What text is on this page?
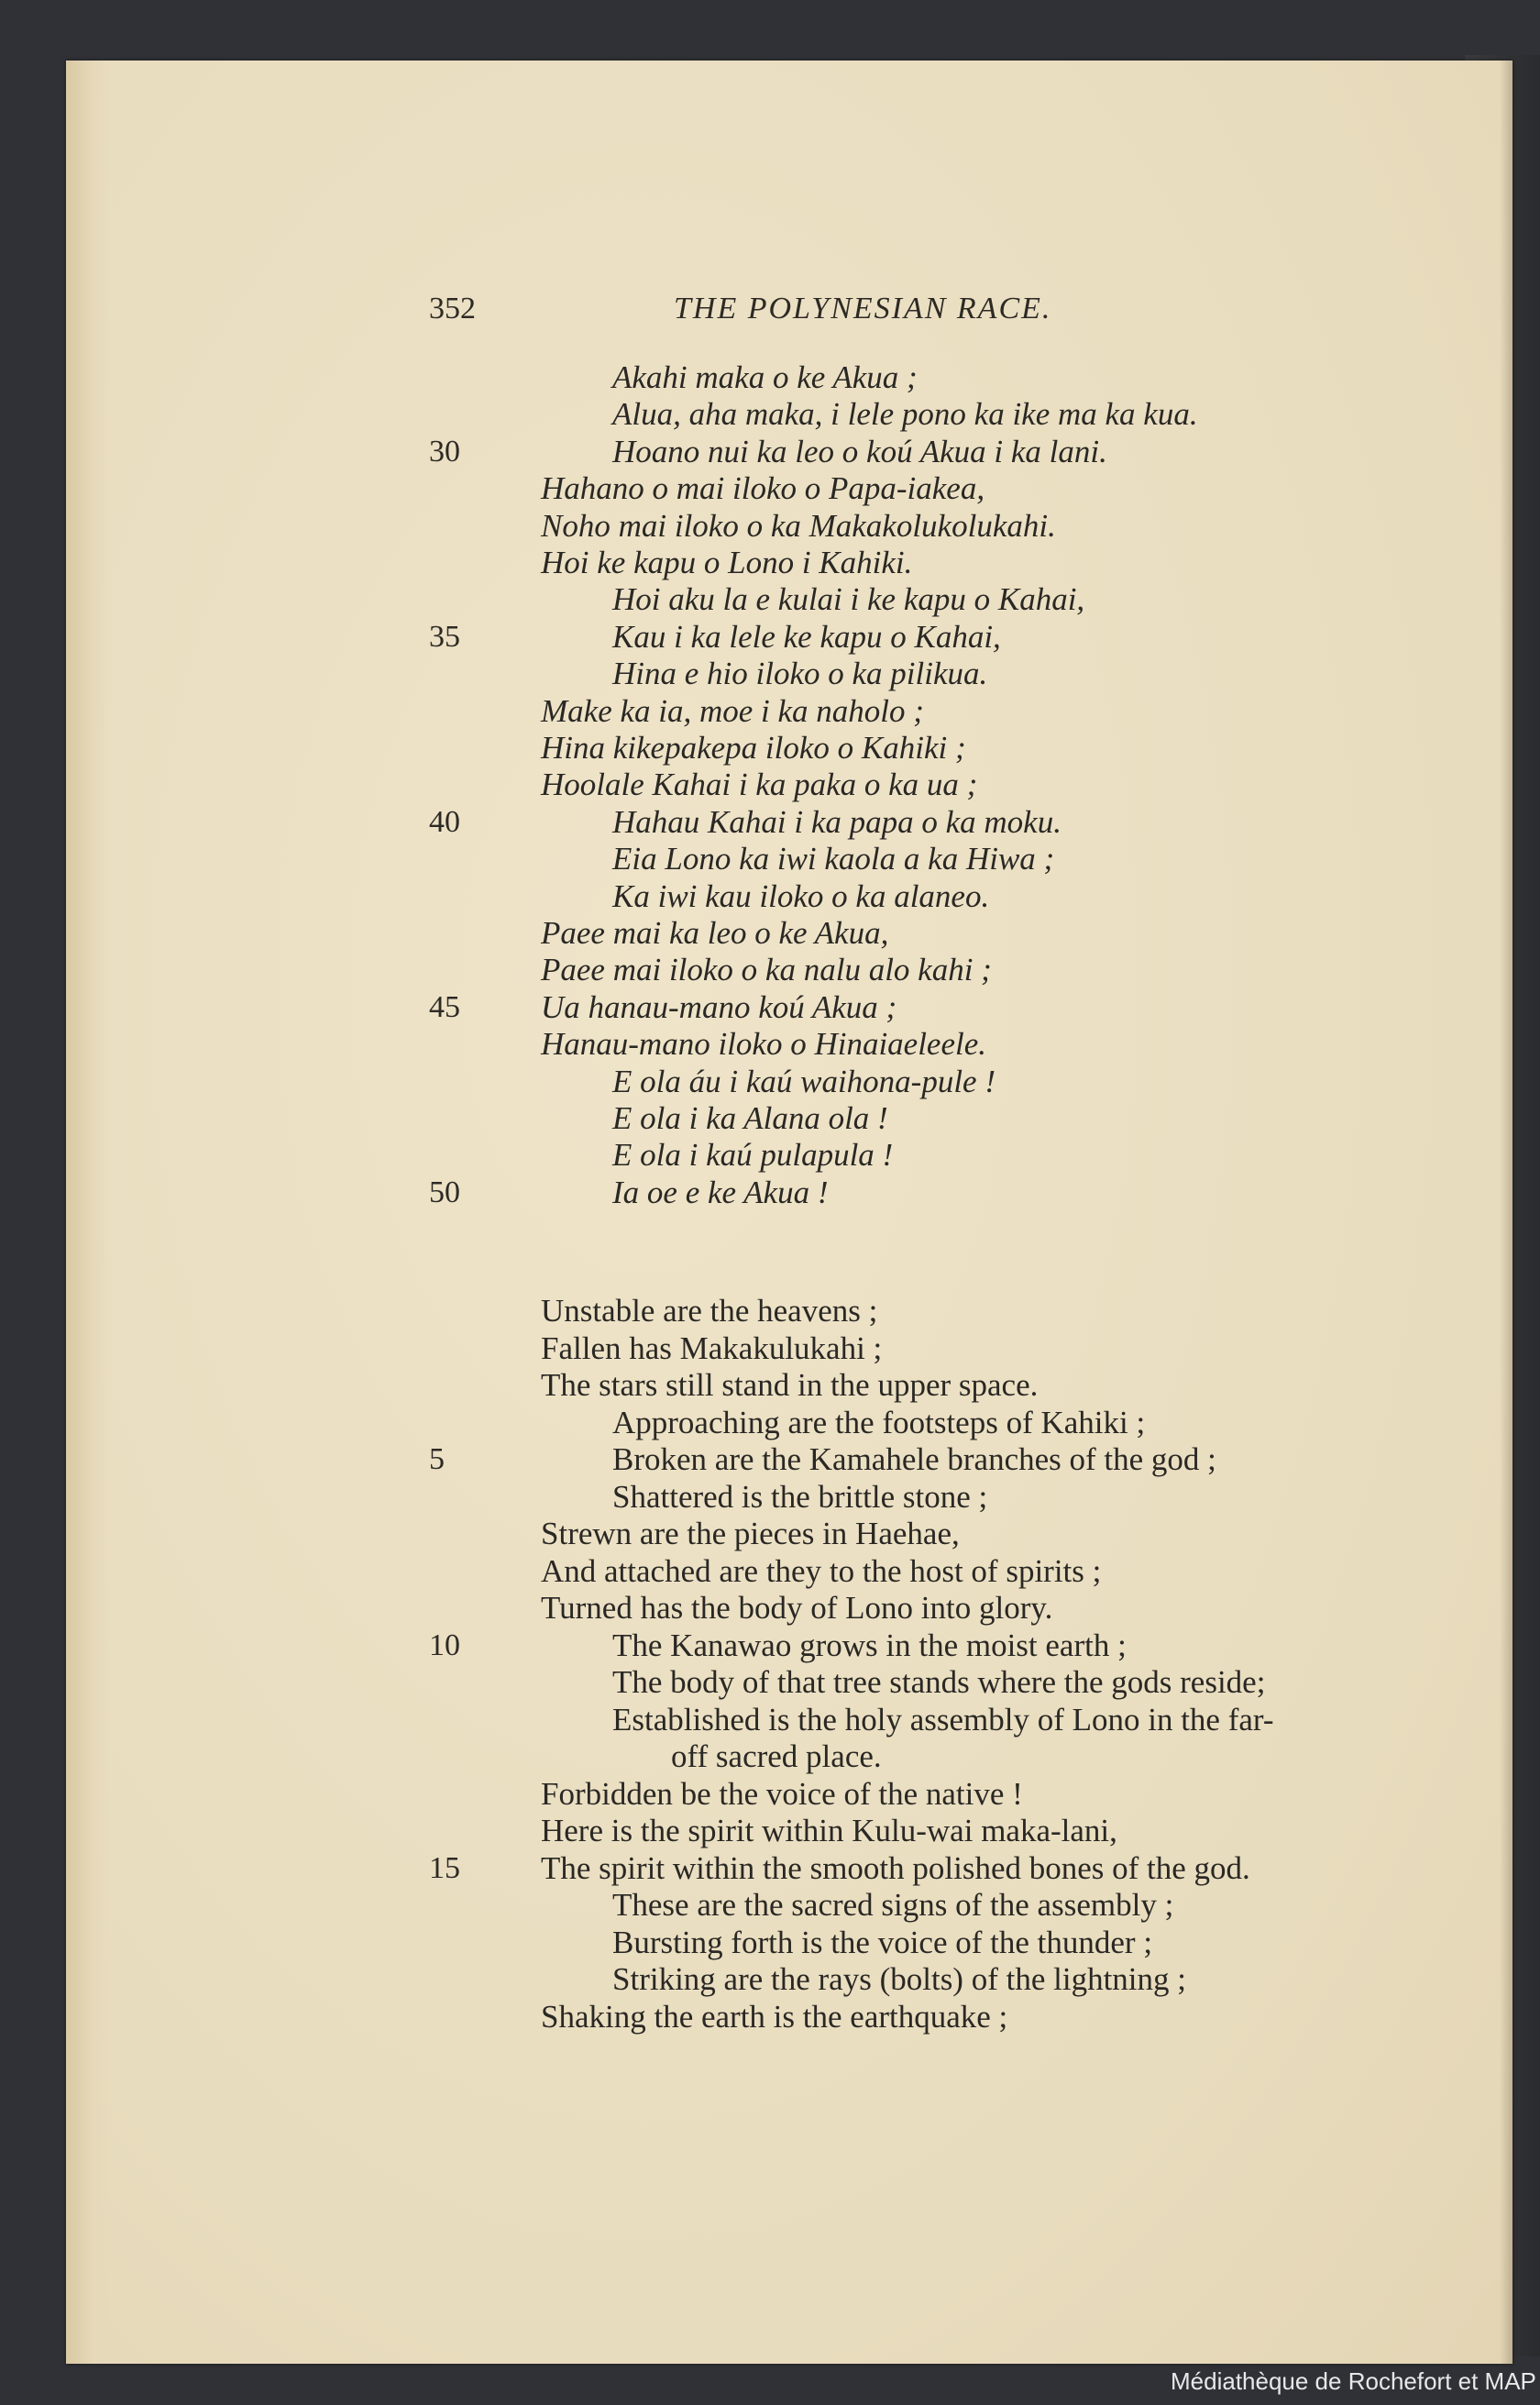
352	THE POLYNESIAN RACE.
Akahi maka o ke Akua ;
Alua, aha maka, i lele pono ka ike ma ka kua.
Hoano nui ka leo o koú Akua i ka lani.
30
Hahano o mai iloko o Papa-iakea,
Noho mai iloko o ka Makakolukolukahi.
Hoi ke kapu o Lono i Kahiki.
Hoi aku la e kulai i ke kapu o Kahai,
Kau i ka lele ke kapu o Kahai,
35
Hina e hio iloko o ka pilikua.
Make ka ia, moe i ka naholo ;
Hina kikepakepa iloko o Kahiki ;
Hoolale Kahai i ka paka o ka ua ;
Hahau Kahai i ka papa o ka moku.
40
Eia Lono ka iwi kaola a ka Hiwa ;
Ka iwi kau iloko o ka alaneo.
Paee mai ka leo o ke Akua,
Paee mai iloko o ka nalu alo kahi ;
Ua hanau-mano koú Akua ;
45
Hanau-mano iloko o Hinaiaeleele.
E ola áu i kaú waihona-pule !
E ola i ka Alana ola !
E ola i kaú pulapula !
Ia oe e ke Akua !
50
Unstable are the heavens ;
Fallen has Makakulukahi ;
The stars still stand in the upper space.
Approaching are the footsteps of Kahiki ;
Broken are the Kamahele branches of the god ;
5
Shattered is the brittle stone ;
Strewn are the pieces in Haehae,
And attached are they to the host of spirits ;
Turned has the body of Lono into glory.
The Kanawao grows in the moist earth ;
10
The body of that tree stands where the gods reside;
Established is the holy assembly of Lono in the far-
off sacred place.
Forbidden be the voice of the native !
Here is the spirit within Kulu-wai maka-lani,
The spirit within the smooth polished bones of the god.
15
These are the sacred signs of the assembly ;
Bursting forth is the voice of the thunder ;
Striking are the rays (bolts) of the lightning ;
Shaking the earth is the earthquake ;
Médiathèque de Rochefort et MAP
